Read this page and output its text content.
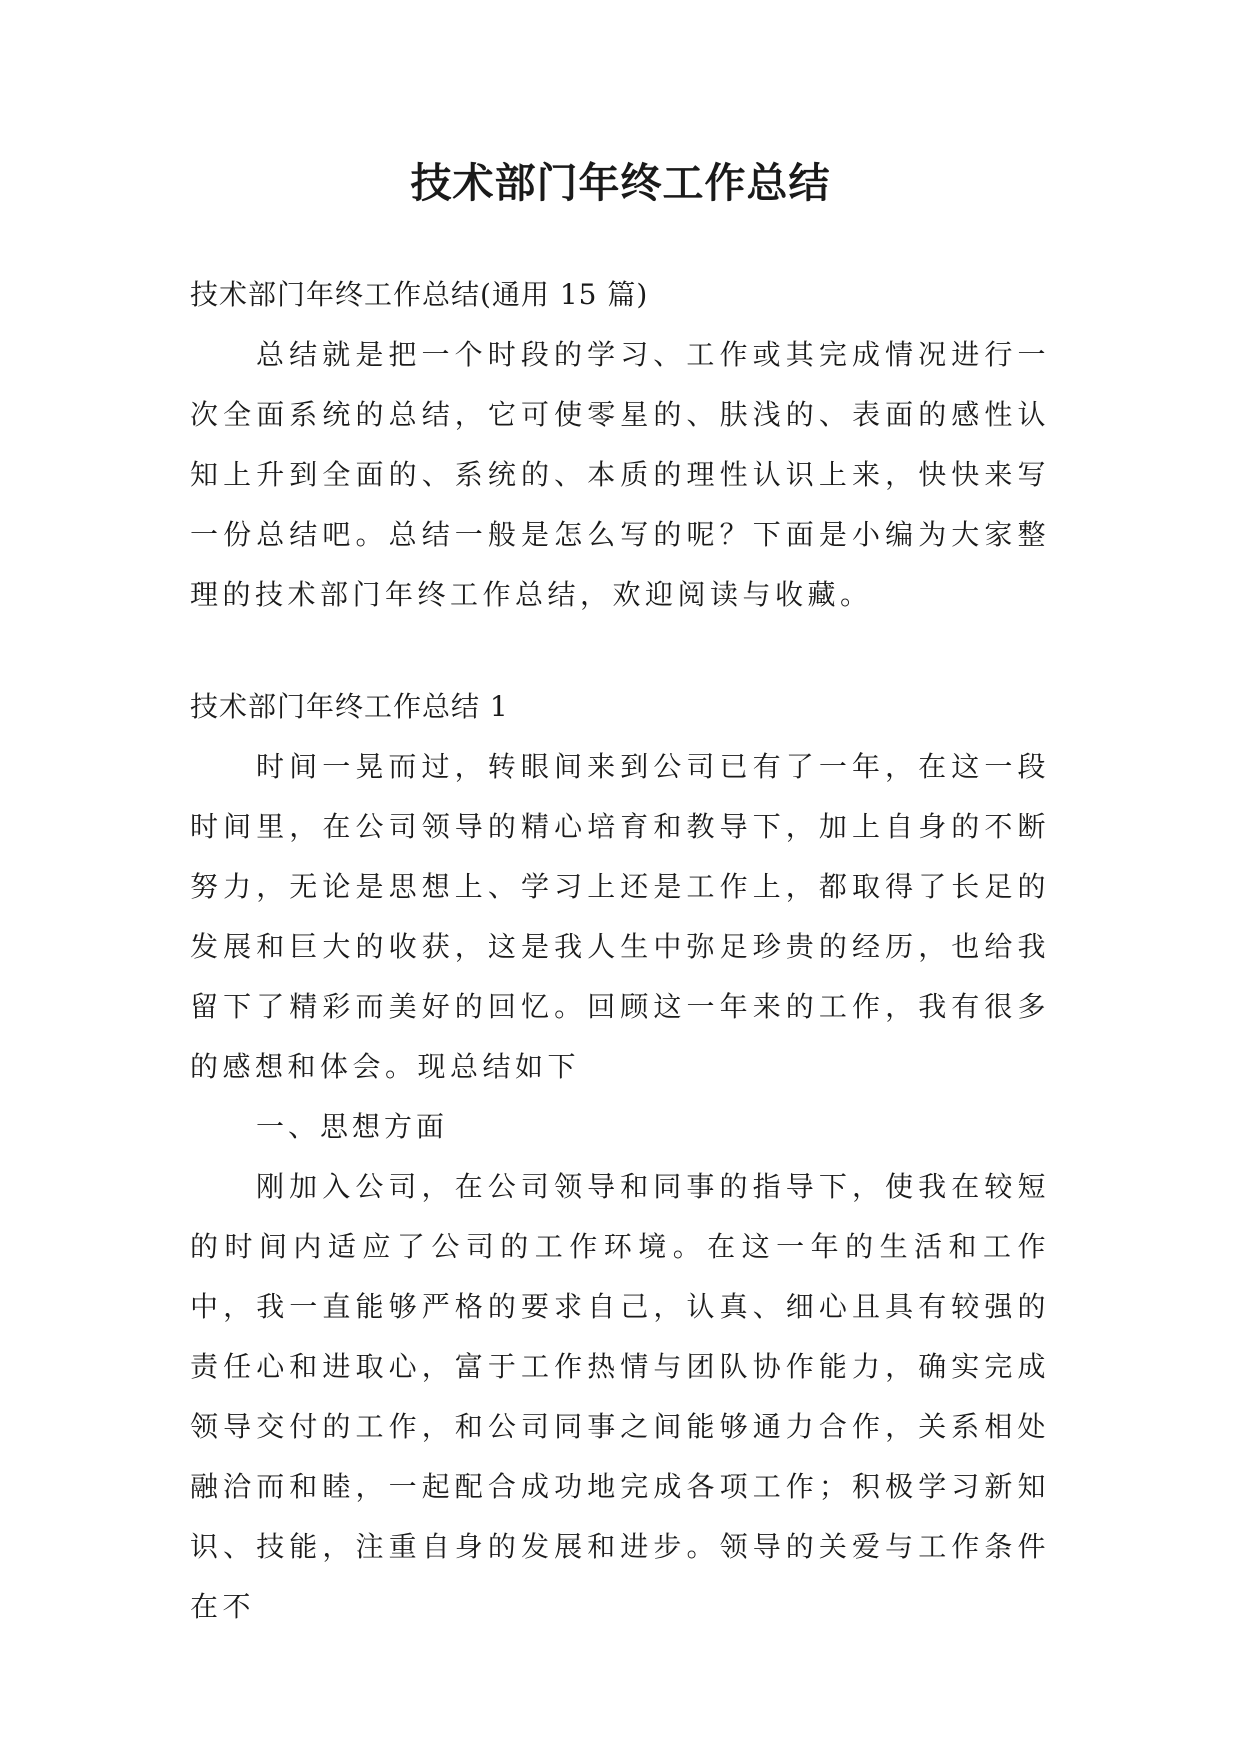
技术部门年终工作总结

技术部门年终工作总结(通用 15 篇)

总结就是把一个时段的学习、工作或其完成情况进行一次全面系统的总结，它可使零星的、肤浅的、表面的感性认知上升到全面的、系统的、本质的理性认识上来，快快来写一份总结吧。总结一般是怎么写的呢？下面是小编为大家整理的技术部门年终工作总结，欢迎阅读与收藏。

技术部门年终工作总结 1

时间一晃而过，转眼间来到公司已有了一年，在这一段时间里，在公司领导的精心培育和教导下，加上自身的不断努力，无论是思想上、学习上还是工作上，都取得了长足的发展和巨大的收获，这是我人生中弥足珍贵的经历，也给我留下了精彩而美好的回忆。回顾这一年来的工作，我有很多的感想和体会。现总结如下

一、思想方面

刚加入公司，在公司领导和同事的指导下，使我在较短的时间内适应了公司的工作环境。在这一年的生活和工作中，我一直能够严格的要求自己，认真、细心且具有较强的责任心和进取心，富于工作热情与团队协作能力，确实完成领导交付的工作，和公司同事之间能够通力合作，关系相处融洽而和睦，一起配合成功地完成各项工作；积极学习新知识、技能，注重自身的发展和进步。领导的关爱与工作条件在不
